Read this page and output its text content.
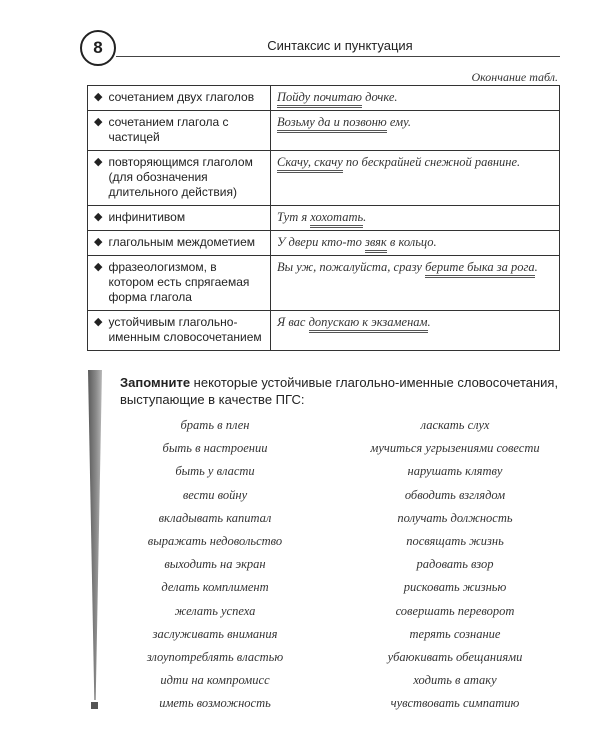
8	Синтаксис и пунктуация
Окончание табл.
◆ сочетанием двух глаголов	Пойду почитаю дочке.

◆ сочетанием глагола с частицей	Возьму да и позвоню ему.

◆ повторяющимся глаголом (для обозначения длительного действия)	Скачу, скачу по бескрайней снежной равнине.

◆ инфинитивом	Тут я хохотать.

◆ глагольным междометием	У двери кто-то звяк в кольцо.

◆ фразеологизмом, в котором есть спрягаемая форма глагола	Вы уж, пожалуйста, сразу берите быка за рога.

◆ устойчивым глагольно-именным словосочетанием	Я вас допускаю к экзаменам.
Запомните некоторые устойчивые глагольно-именные словосочетания, выступающие в качестве ПГС:
брать в плен
быть в настроении
быть у власти
вести войну
вкладывать капитал
выражать недовольство
выходить на экран
делать комплимент
желать успеха
заслуживать внимания
злоупотреблять властью
идти на компромисс
иметь возможность
ласкать слух
мучиться угрызениями совести
нарушать клятву
обводить взглядом
получать должность
посвящать жизнь
радовать взор
рисковать жизнью
совершать переворот
терять сознание
убаюкивать обещаниями
ходить в атаку
чувствовать симпатию
